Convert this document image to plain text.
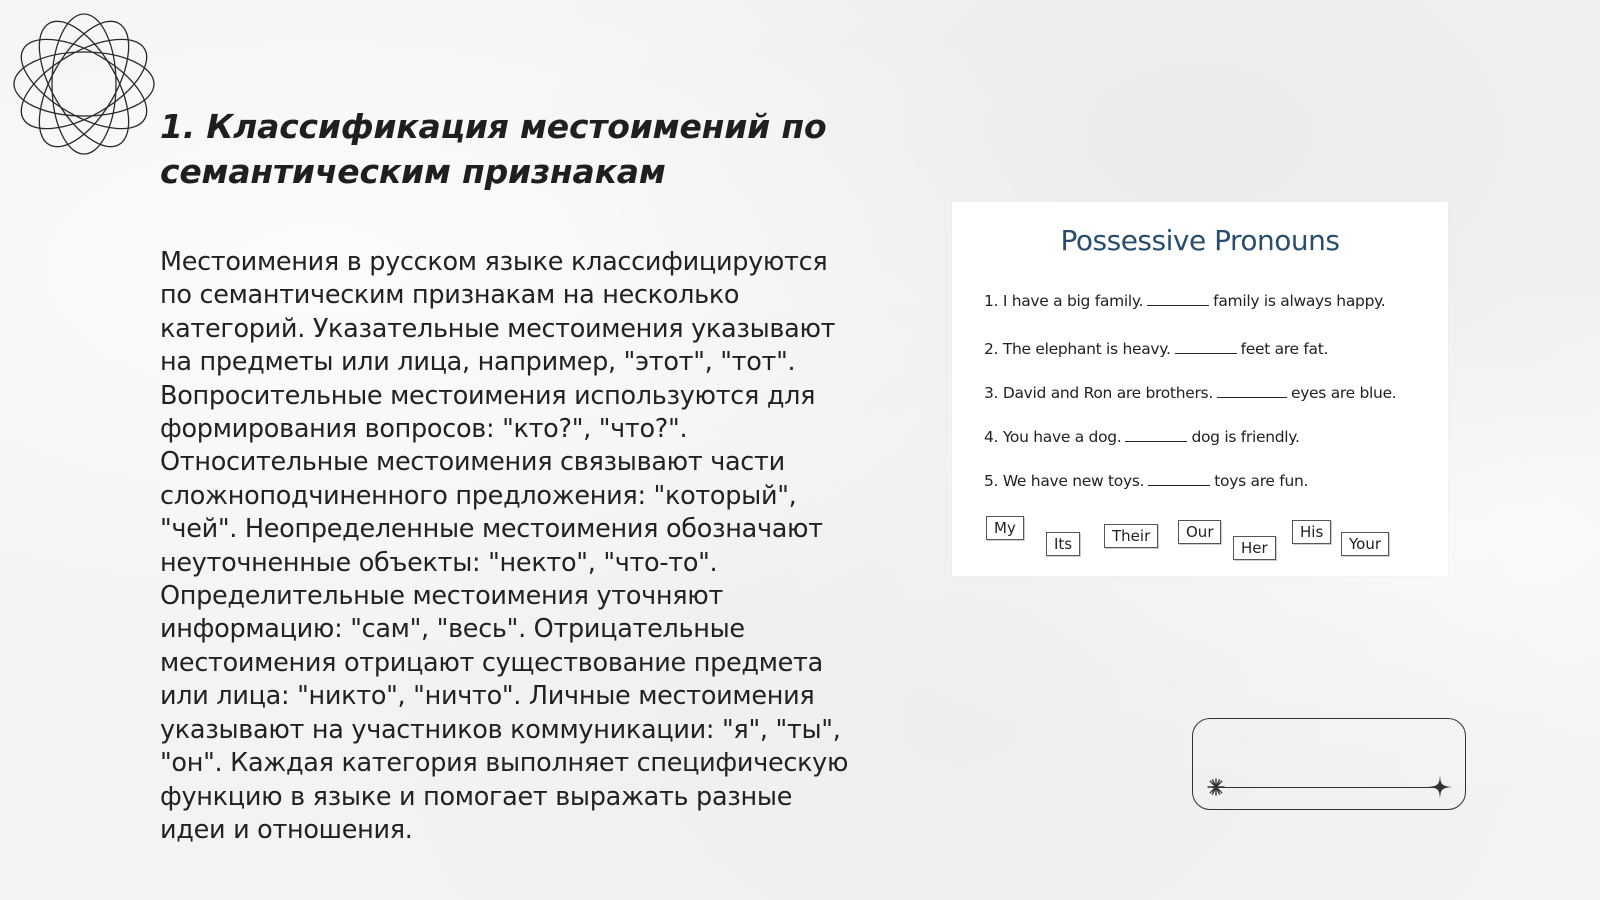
1. Классификация местоимений по семантическим признакам

Местоимения в русском языке классифицируются по семантическим признакам на несколько категорий. Указательные местоимения указывают на предметы или лица, например, "этот", "тот". Вопросительные местоимения используются для формирования вопросов: "кто?", "что?". Относительные местоимения связывают части сложноподчиненного предложения: "который", "чей". Неопределенные местоимения обозначают неуточненные объекты: "некто", "что-то". Определительные местоимения уточняют информацию: "сам", "весь". Отрицательные местоимения отрицают существование предмета или лица: "никто", "ничто". Личные местоимения указывают на участников коммуникации: "я", "ты", "он". Каждая категория выполняет специфическую функцию в языке и помогает выражать разные идеи и отношения.

Possessive Pronouns
1. I have a big family.	family is always happy.
2. The elephant is heavy.	feet are fat.
3. David and Ron are brothers.	eyes are blue.
4. You have a dog.	dog is friendly.
5. We have new toys.	toys are fun.
My
Its	Their	Our
Her
His
Your
